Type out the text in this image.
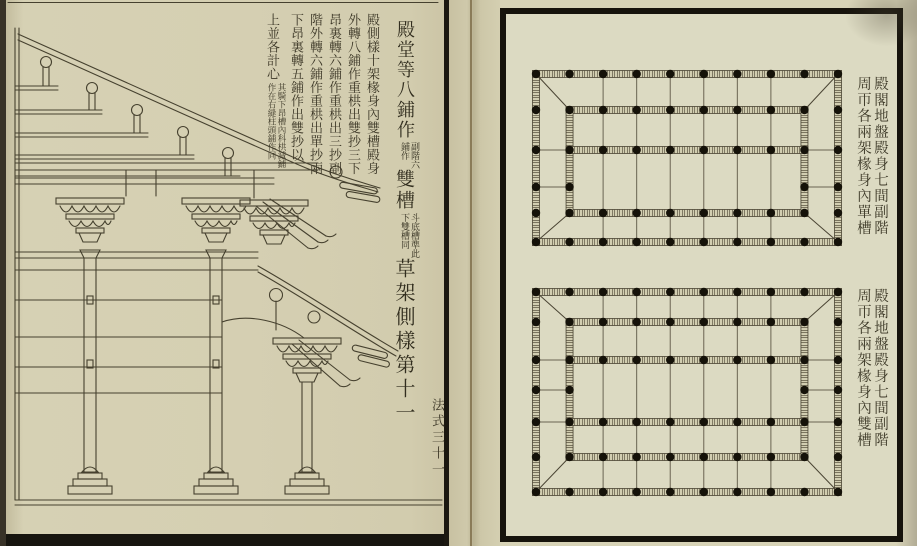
殿側樣十架椽身內雙槽殿身
外轉八鋪作重栱出雙抄三下
昂裏轉六鋪作重栱出三抄副
階外轉六鋪作重栱出單抄兩
下昂裏轉五鋪作出雙抄以
上並各計心
其騎下昂槽內科栱減鋪
作在右縫柱頭鋪作同	殿堂等八鋪作
副階六
鋪作
雙槽
斗底槽準此
下雙槽同
草架側樣第十一
法式三十一
殿閣地盤殿身七間副階
周帀各兩架椽身內單槽
殿閣地盤殿身七間副階
周帀各兩架椽身內雙槽
